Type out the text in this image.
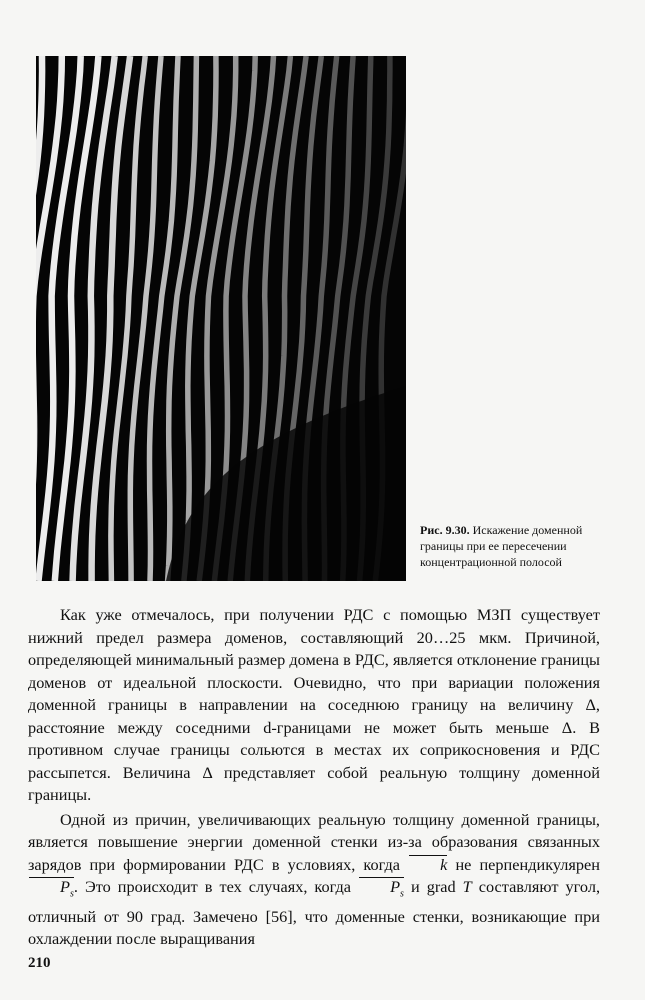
Рис. 9.30. Искажение доменной границы при ее пересечении концентрационной полосой

Как уже отмечалось, при получении РДС с помощью МЗП существует нижний предел размера доменов, составляющий 20…25 мкм. Причиной, определяющей минимальный размер домена в РДС, является отклонение границы доменов от идеальной плоскости. Очевидно, что при вариации положения доменной границы в направлении на соседнюю границу на величину Δ, расстояние между соседними d-границами не может быть меньше Δ. В противном случае границы сольются в местах их соприкосновения и РДС рассыпется. Величина Δ представляет собой реальную толщину доменной границы.

Одной из причин, увеличивающих реальную толщину доменной границы, является повышение энергии доменной стенки из-за образования связанных зарядов при формировании РДС в условиях, когда k не перпендикулярен $P_s$. Это происходит в тех случаях, когда $P_s$ и grad T составляют угол, отличный от 90 град. Замечено [56], что доменные стенки, возникающие при охлаждении после выращивания

210
